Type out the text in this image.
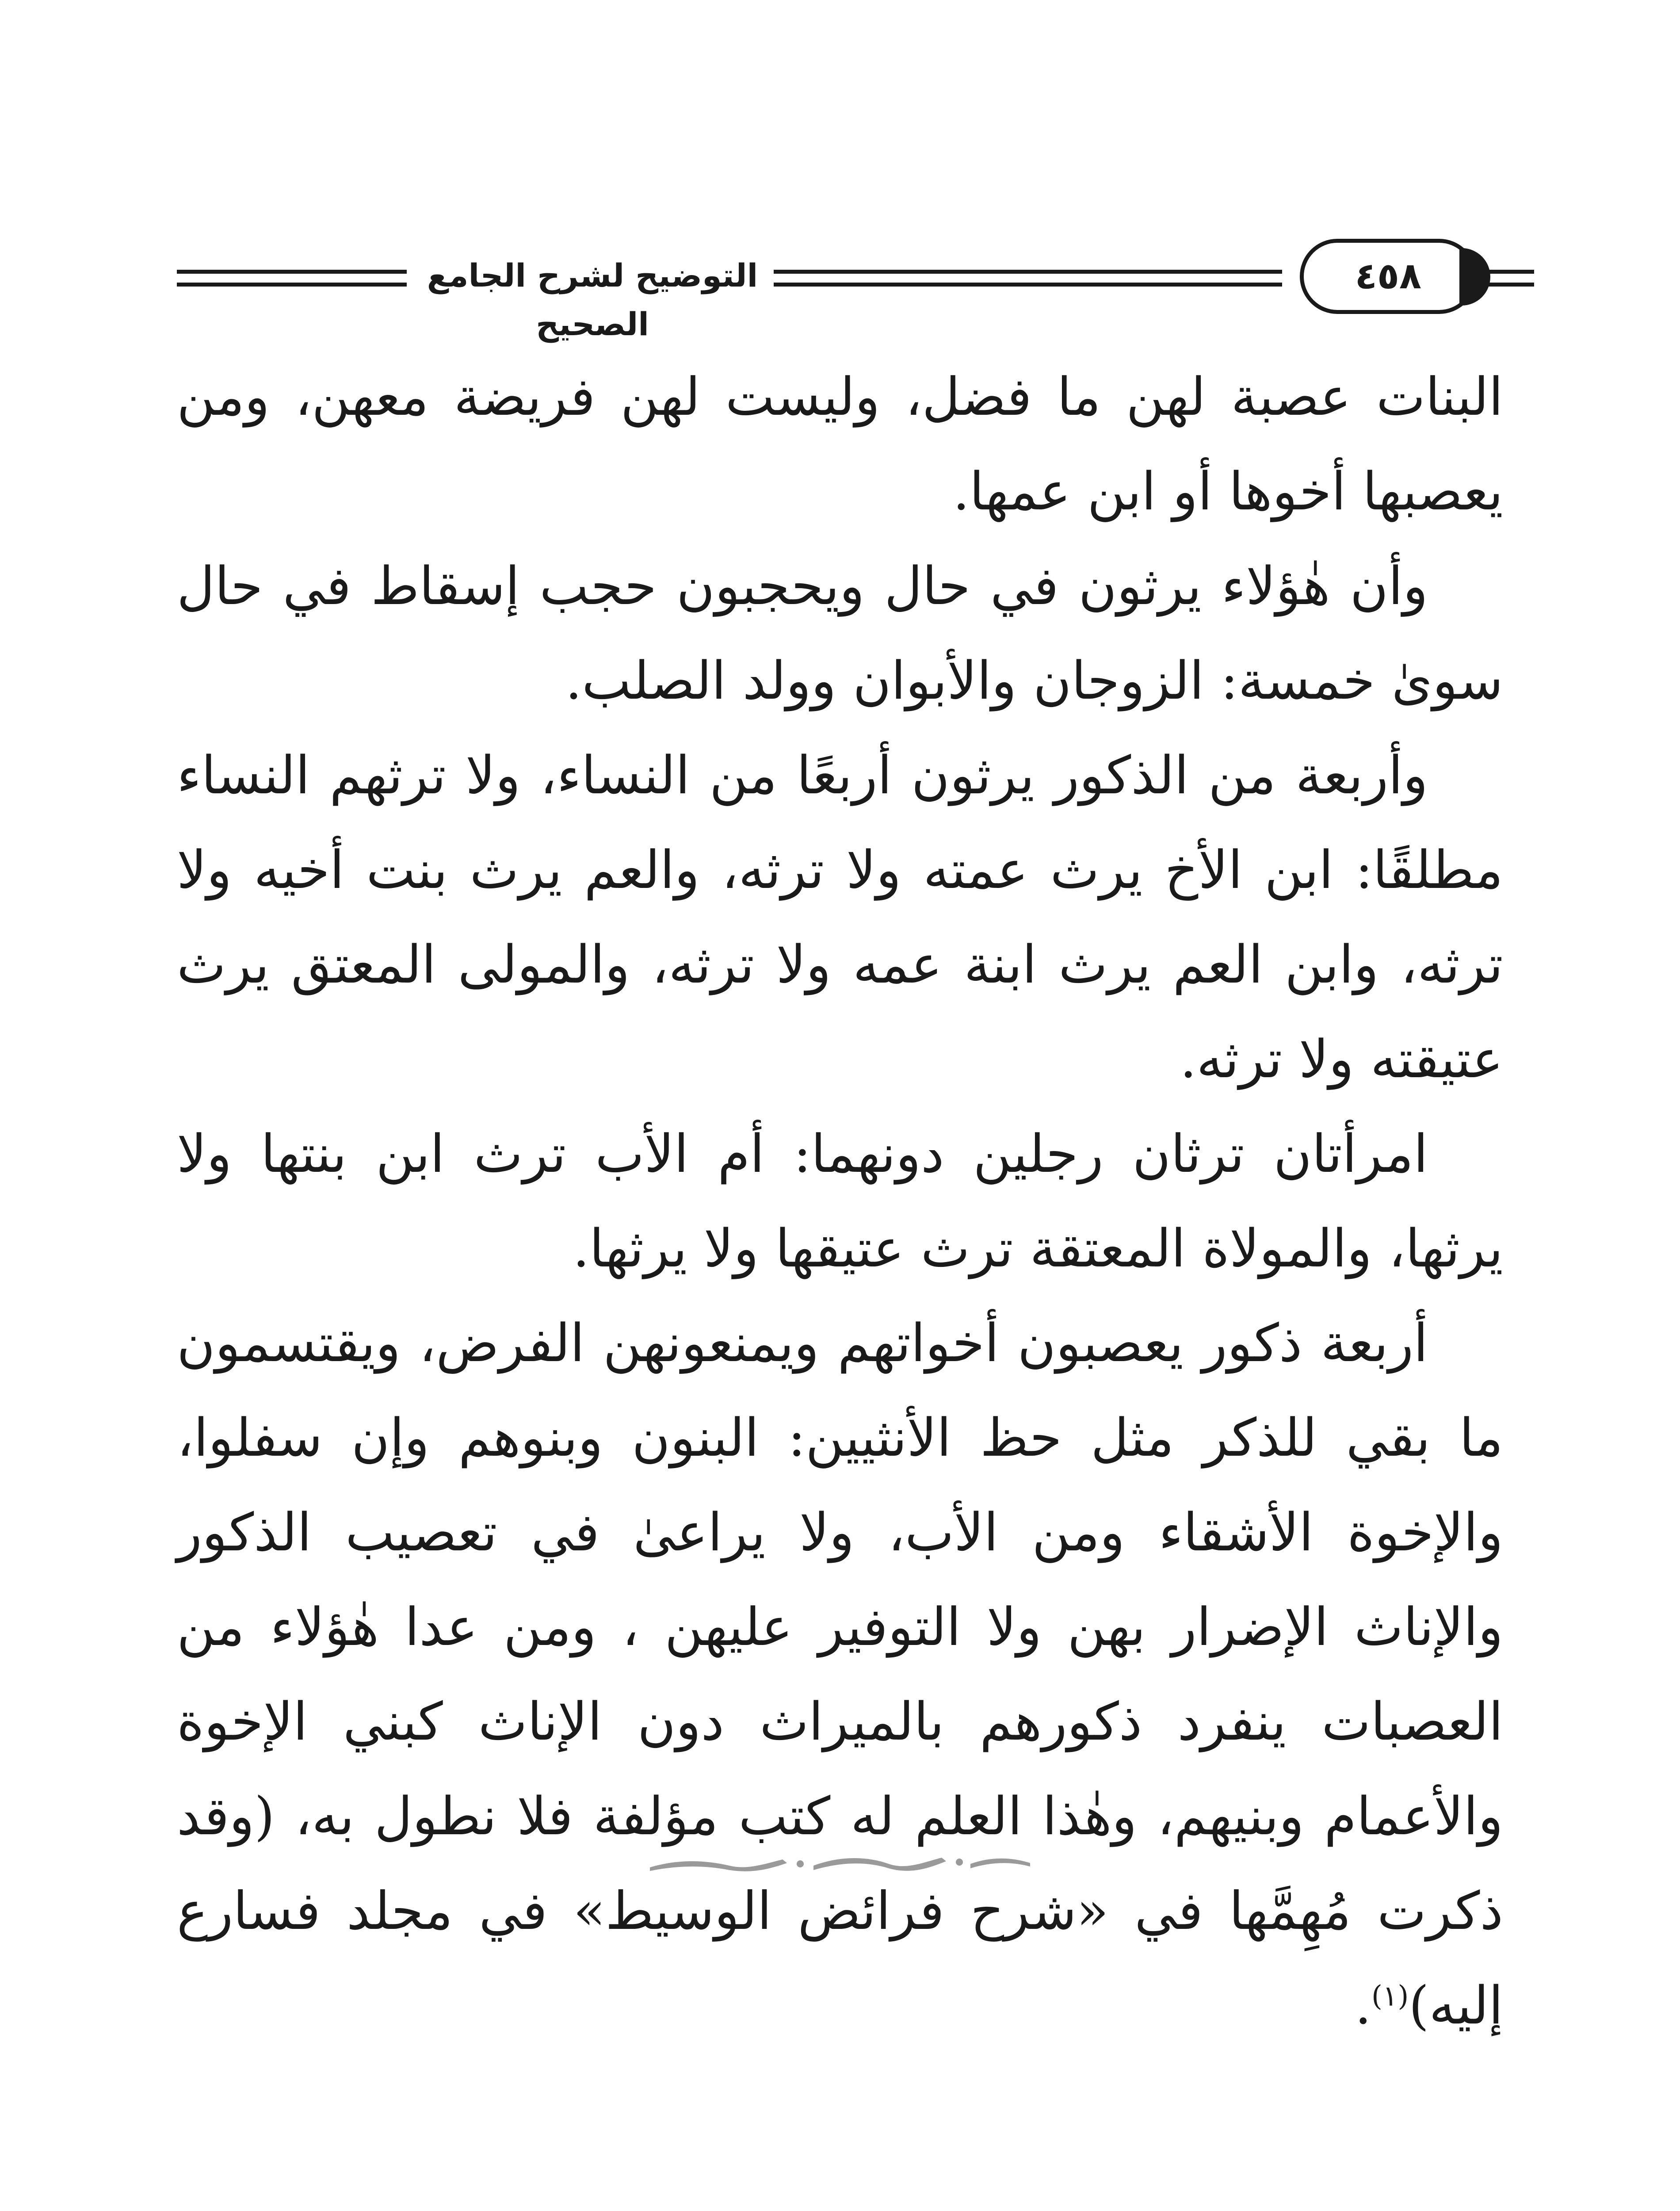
التوضيح لشرح الجامع الصحيح
٤٥٨

البنات عصبة لهن ما فضل، وليست لهن فريضة معهن، ومن يعصبها أخوها أو ابن عمها.

وأن هٰؤلاء يرثون في حال ويحجبون حجب إسقاط في حال سوىٰ خمسة: الزوجان والأبوان وولد الصلب.

وأربعة من الذكور يرثون أربعًا من النساء، ولا ترثهم النساء مطلقًا: ابن الأخ يرث عمته ولا ترثه، والعم يرث بنت أخيه ولا ترثه، وابن العم يرث ابنة عمه ولا ترثه، والمولى المعتق يرث عتيقته ولا ترثه.

امرأتان ترثان رجلين دونهما: أم الأب ترث ابن بنتها ولا يرثها، والمولاة المعتقة ترث عتيقها ولا يرثها.

أربعة ذكور يعصبون أخواتهم ويمنعونهن الفرض، ويقتسمون ما بقي للذكر مثل حظ الأنثيين: البنون وبنوهم وإن سفلوا، والإخوة الأشقاء ومن الأب، ولا يراعىٰ في تعصيب الذكور والإناث الإضرار بهن ولا التوفير عليهن ، ومن عدا هٰؤلاء من العصبات ينفرد ذكورهم بالميراث دون الإناث كبني الإخوة والأعمام وبنيهم، وهٰذا العلم له كتب مؤلفة فلا نطول به، (وقد ذكرت مُهِمَّها في «شرح فرائض الوسيط» في مجلد فسارع إليه)$^{(١)}$.
